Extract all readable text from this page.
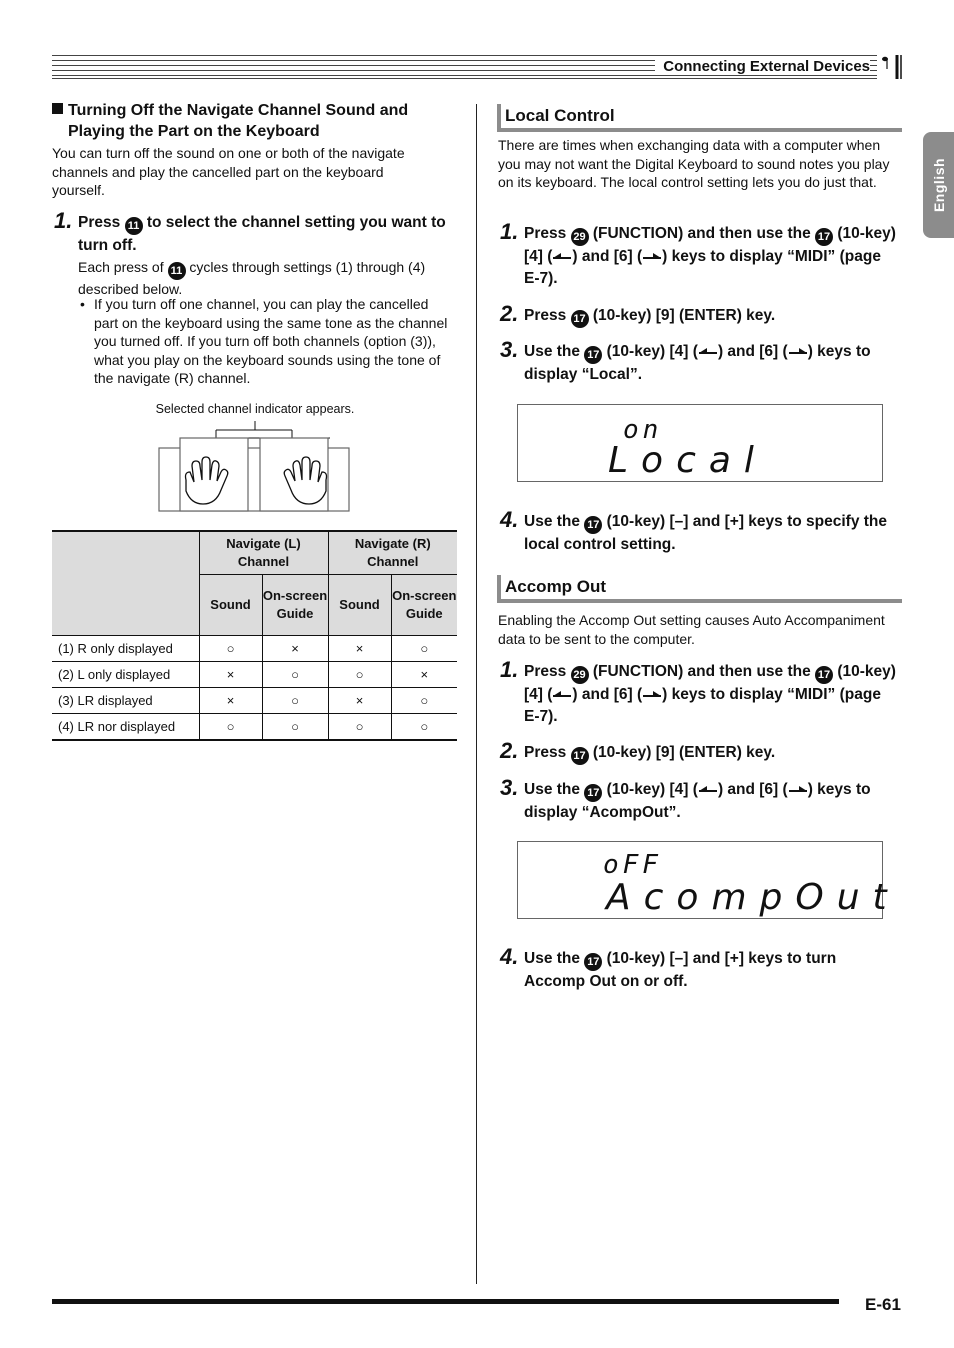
Connecting External Devices
English
Turning Off the Navigate Channel Sound and
Playing the Part on the Keyboard
You can turn off the sound on one or both of the navigate channels and play the cancelled part on the keyboard yourself.
1. Press 11 to select the channel setting you want to turn off.
Each press of 11 cycles through settings (1) through (4) described below.
• If you turn off one channel, you can play the cancelled part on the keyboard using the same tone as the channel you turned off. If you turn off both channels (option (3)), what you play on the keyboard sounds using the tone of the navigate (R) channel.
Selected channel indicator appears.
	Navigate (L) Channel		Navigate (R) Channel	
	Sound	On-screen Guide	Sound	On-screen Guide
(1) R only displayed	○	×	×	○
(2) L only displayed	×	○	○	×
(3) LR displayed	×	○	×	○
(4) LR nor displayed	○	○	○	○
Local Control
There are times when exchanging data with a computer when you may not want the Digital Keyboard to sound notes you play on its keyboard. The local control setting lets you do just that.
1. Press 29 (FUNCTION) and then use the 17 (10-key) [4] ( ) and [6] ( ) keys to display “MIDI” (page E-7).
2. Press 17 (10-key) [9] (ENTER) key.
3. Use the 17 (10-key) [4] ( ) and [6] ( ) keys to display “Local”.
on
Local
4. Use the 17 (10-key) [–] and [+] keys to specify the local control setting.
Accomp Out
Enabling the Accomp Out setting causes Auto Accompaniment data to be sent to the computer.
1. Press 29 (FUNCTION) and then use the 17 (10-key) [4] ( ) and [6] ( ) keys to display “MIDI” (page E-7).
2. Press 17 (10-key) [9] (ENTER) key.
3. Use the 17 (10-key) [4] ( ) and [6] ( ) keys to display “AcompOut”.
oFF
AcompOut
4. Use the 17 (10-key) [–] and [+] keys to turn Accomp Out on or off.
E-61
